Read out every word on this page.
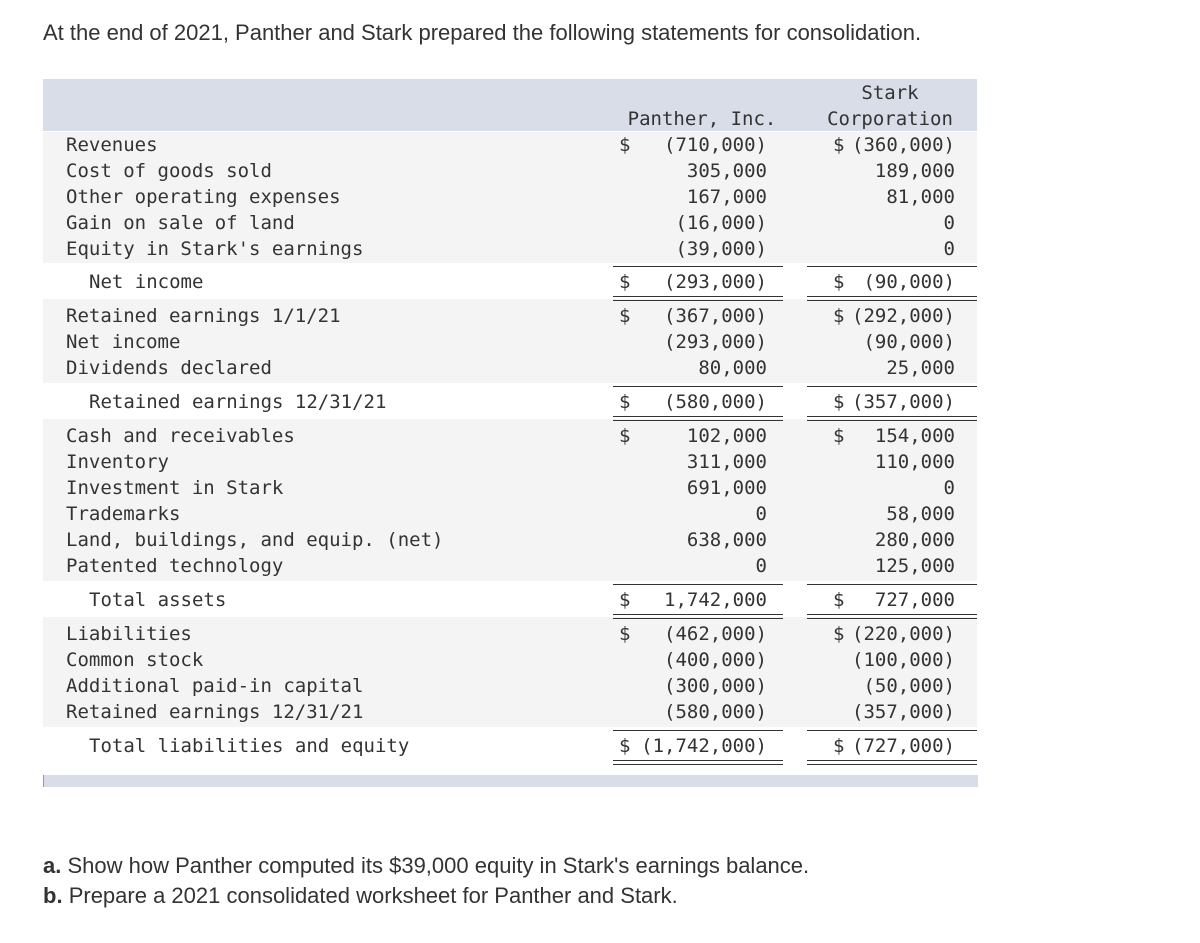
At the end of 2021, Panther and Stark prepared the following statements for consolidation.
Panther, Inc.
Stark
Corporation
Revenues	$ (710,000)	$ (360,000)
Cost of goods sold	305,000	189,000
Other operating expenses	167,000	81,000
Gain on sale of land	(16,000)	0
Equity in Stark's earnings	(39,000)	0
Net income	$ (293,000)	$ (90,000)
Retained earnings 1/1/21	$ (367,000)	$ (292,000)
Net income	(293,000)	(90,000)
Dividends declared	80,000	25,000
Retained earnings 12/31/21	$ (580,000)	$ (357,000)
Cash and receivables	$	102,000	$ 154,000
Inventory	311,000	110,000
Investment in Stark	691,000	0
Trademarks	0	58,000
Land, buildings, and equip. (net)	638,000	280,000
Patented technology	0	125,000
Total assets	$ 1,742,000	$ 727,000
Liabilities	$ (462,000)	$ (220,000)
Common stock	(400,000)	(100,000)
Additional paid-in capital	(300,000)	(50,000)
Retained earnings 12/31/21	(580,000)	(357,000)
Total liabilities and equity	$ (1,742,000)	$ (727,000)
a. Show how Panther computed its $39,000 equity in Stark's earnings balance.
b. Prepare a 2021 consolidated worksheet for Panther and Stark.
